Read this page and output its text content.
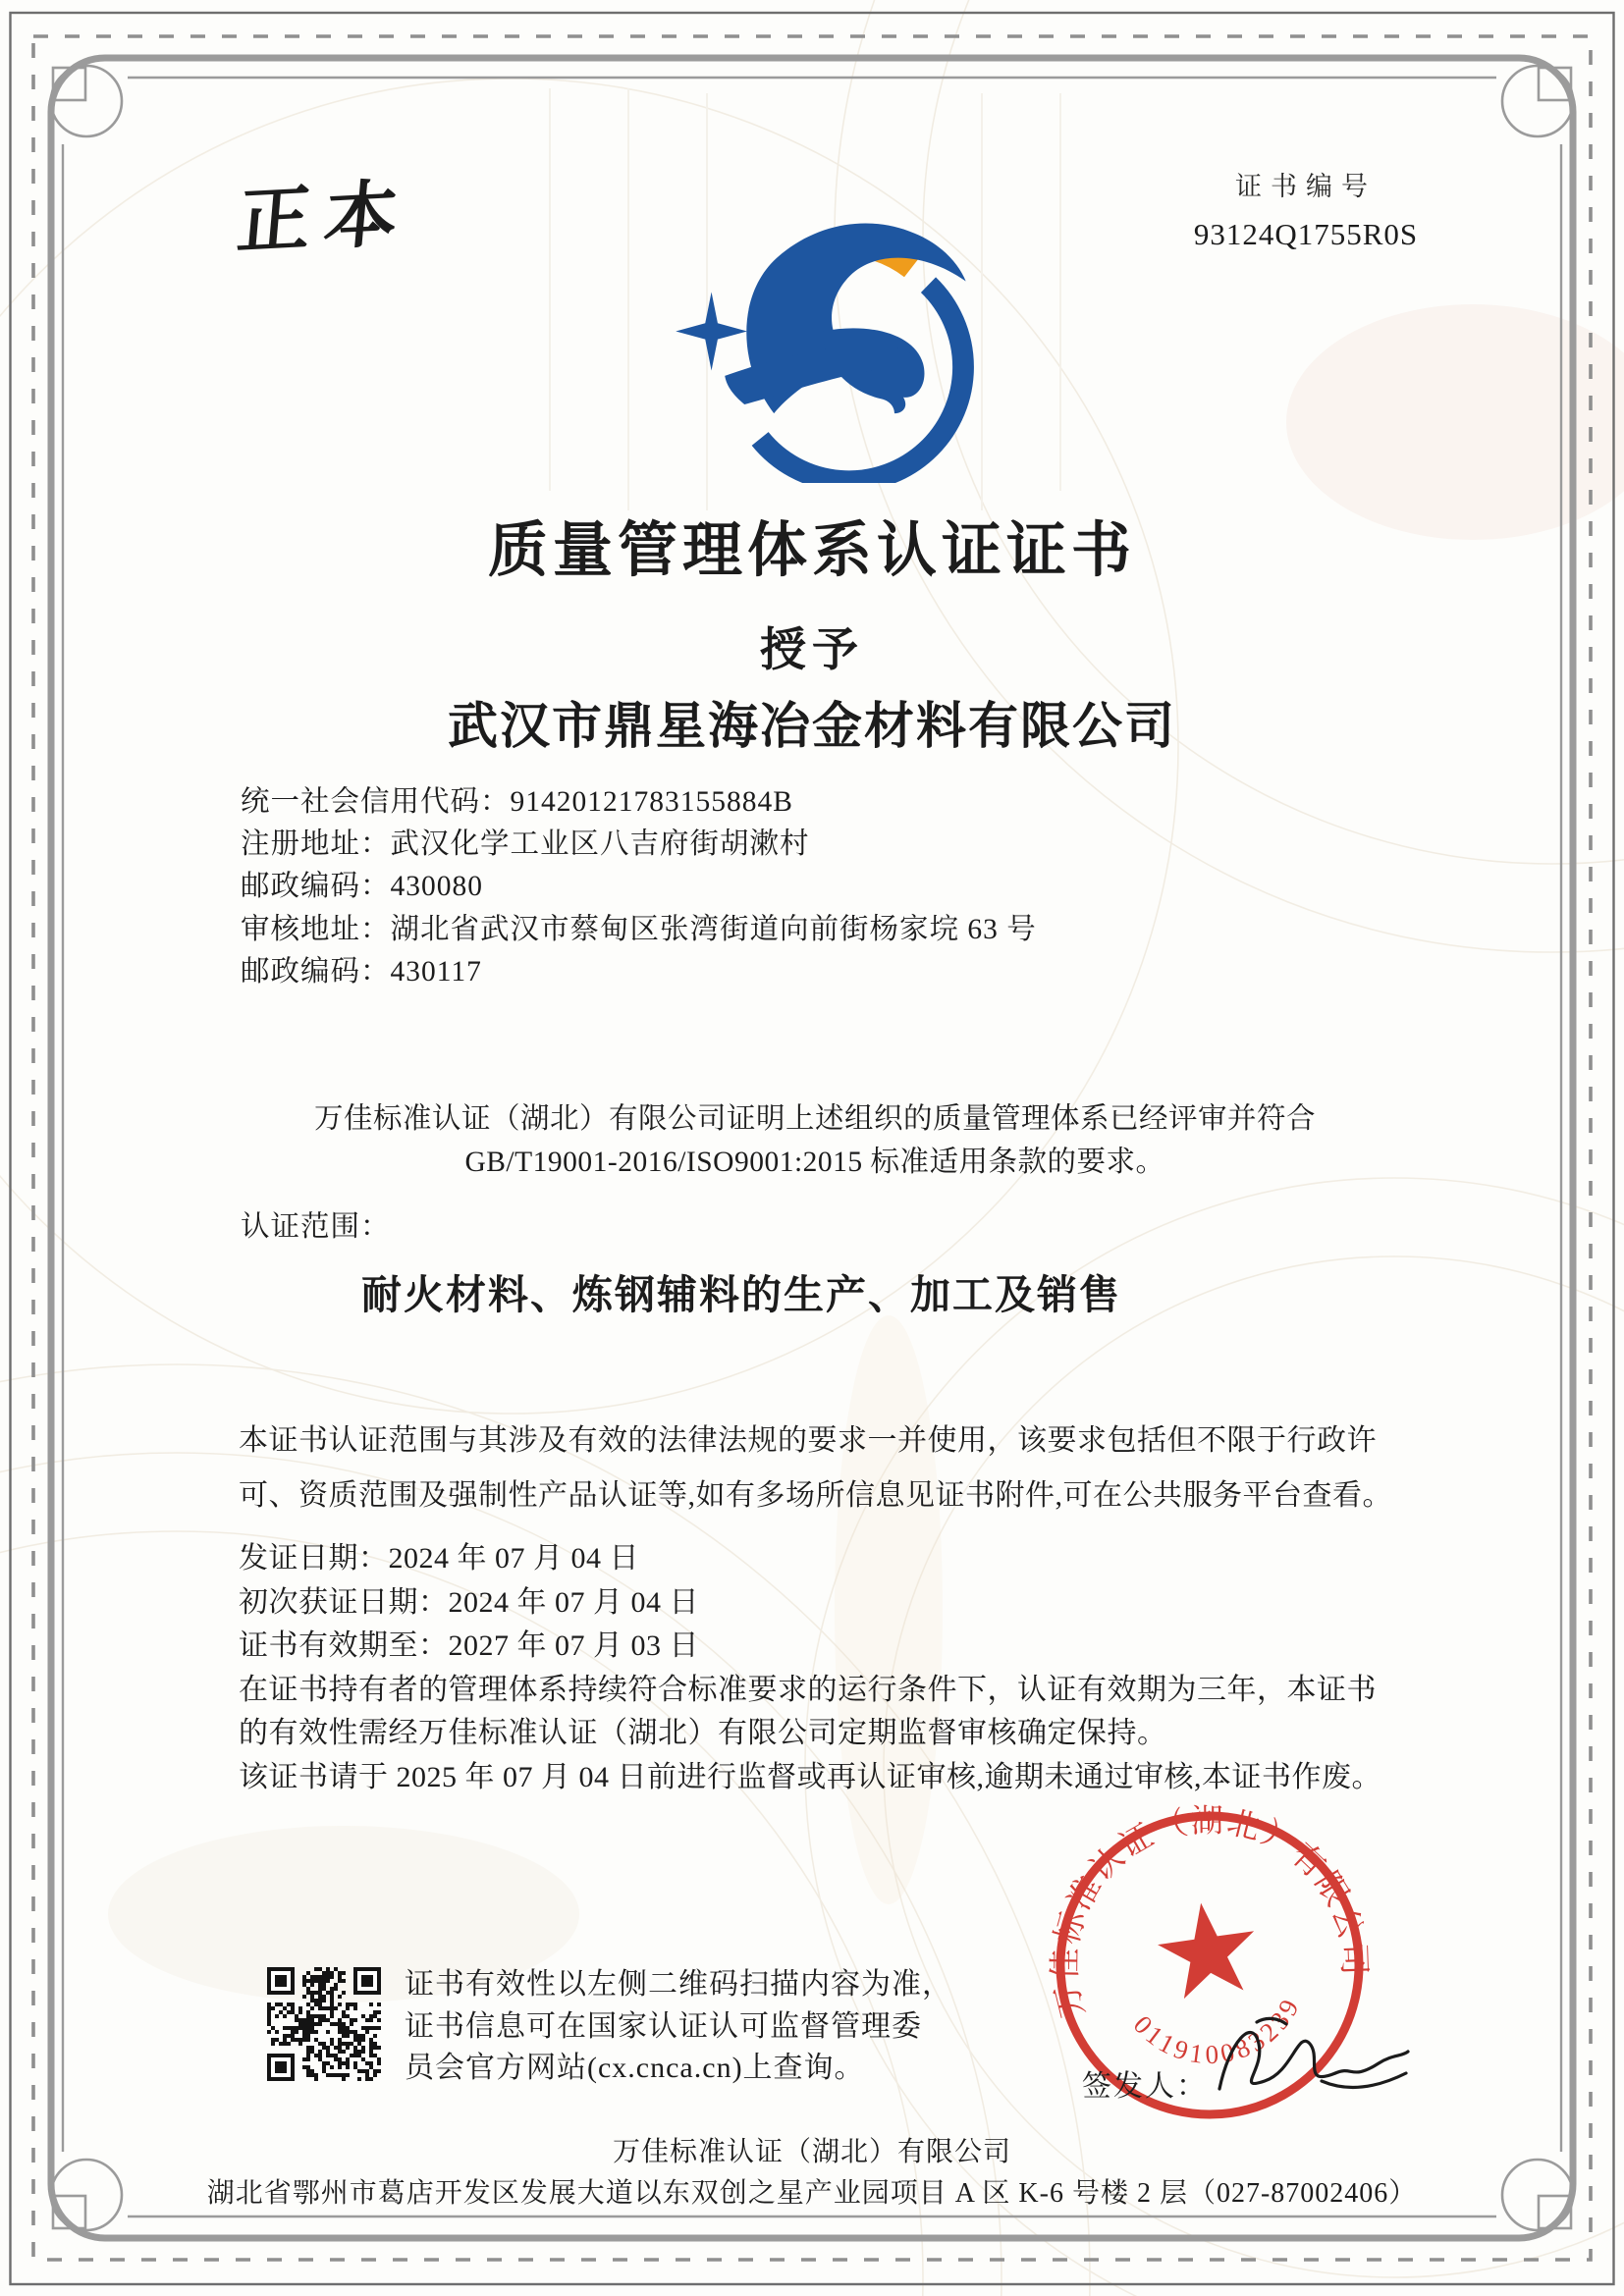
正本	证书编号
93124Q1755R0S
质量管理体系认证证书
授予
武汉市鼎星海冶金材料有限公司
统一社会信用代码：91420121783155884B
注册地址：武汉化学工业区八吉府街胡漱村
邮政编码：430080
审核地址：湖北省武汉市蔡甸区张湾街道向前街杨家垸 63 号
邮政编码：430117
万佳标准认证（湖北）有限公司证明上述组织的质量管理体系已经评审并符合
GB/T19001-2016/ISO9001:2015 标准适用条款的要求。
认证范围：
耐火材料、炼钢辅料的生产、加工及销售
本证书认证范围与其涉及有效的法律法规的要求一并使用，该要求包括但不限于行政许
可、资质范围及强制性产品认证等,如有多场所信息见证书附件,可在公共服务平台查看。
发证日期：2024 年 07 月 04 日
初次获证日期：2024 年 07 月 04 日
证书有效期至：2027 年 07 月 03 日
在证书持有者的管理体系持续符合标准要求的运行条件下，认证有效期为三年，本证书
的有效性需经万佳标准认证（湖北）有限公司定期监督审核确定保持。
该证书请于 2025 年 07 月 04 日前进行监督或再认证审核,逾期未通过审核,本证书作废。
证书有效性以左侧二维码扫描内容为准，
证书信息可在国家认证认可监督管理委
员会官方网站(cx.cnca.cn)上查询。
万佳标准认证（湖北）有限公司
011910083239
签发人：
万佳标准认证（湖北）有限公司
湖北省鄂州市葛店开发区发展大道以东双创之星产业园项目 A 区 K-6 号楼 2 层（027-87002406）
